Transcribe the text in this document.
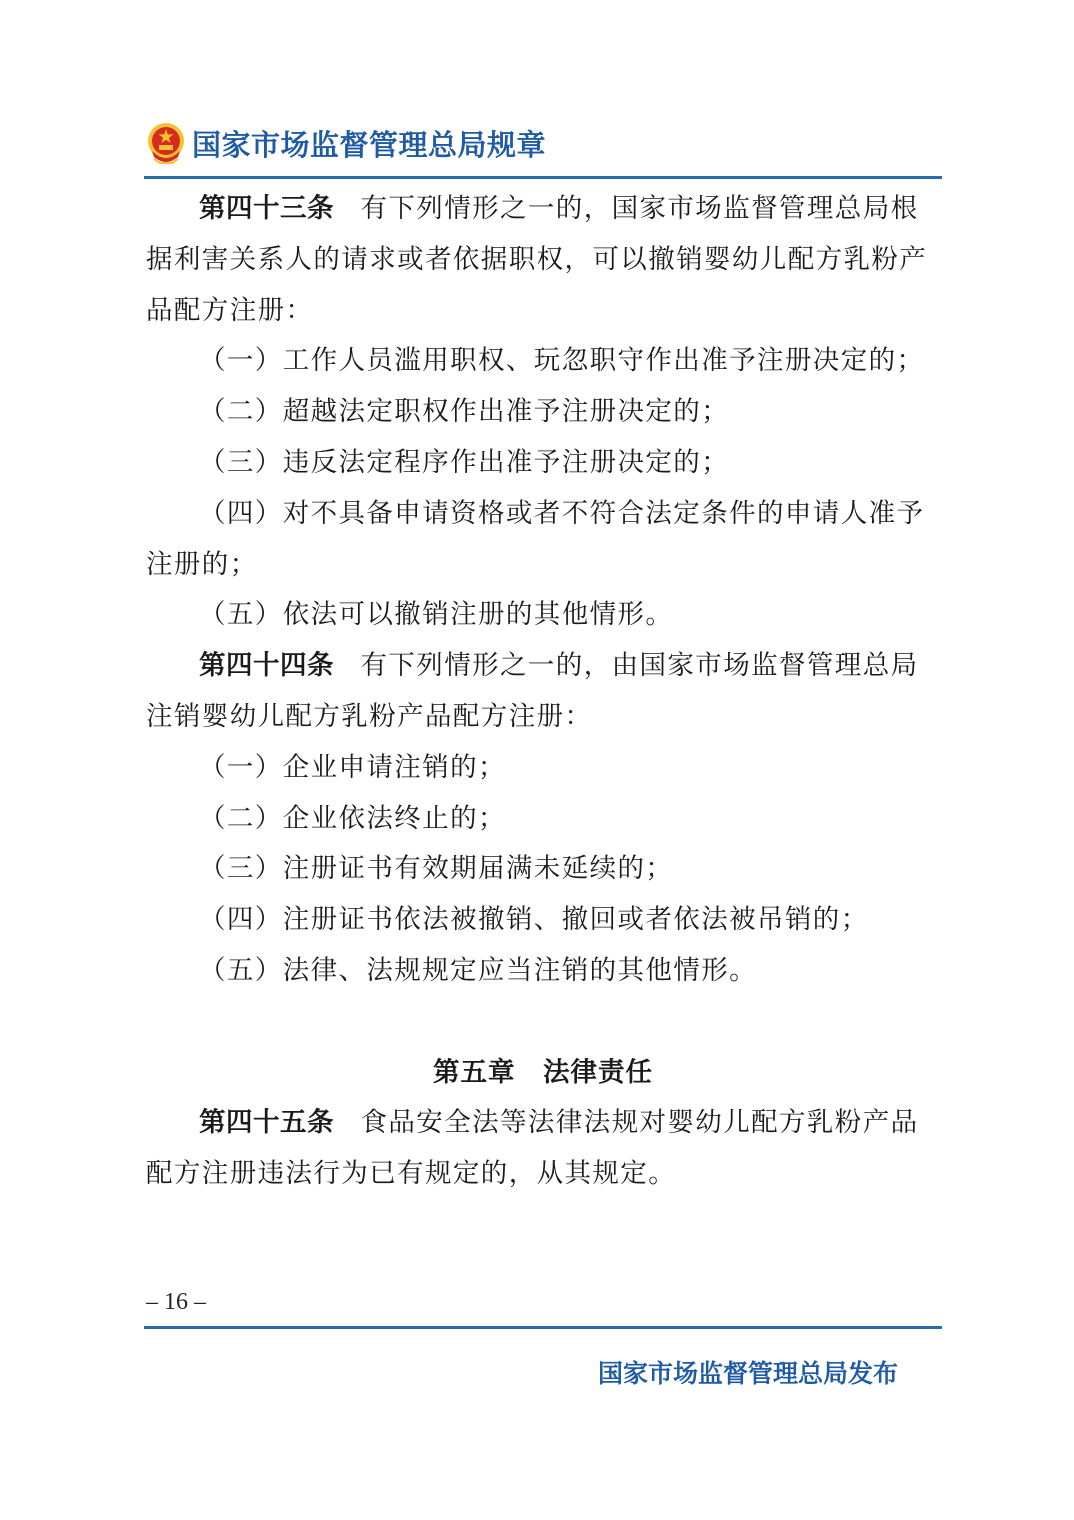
国家市场监督管理总局规章

第四十三条 有下列情形之一的，国家市场监督管理总局根据利害关系人的请求或者依据职权，可以撤销婴幼儿配方乳粉产品配方注册：

（一）工作人员滥用职权、玩忽职守作出准予注册决定的；

（二）超越法定职权作出准予注册决定的；

（三）违反法定程序作出准予注册决定的；

（四）对不具备申请资格或者不符合法定条件的申请人准予注册的；

（五）依法可以撤销注册的其他情形。

第四十四条 有下列情形之一的，由国家市场监督管理总局注销婴幼儿配方乳粉产品配方注册：

（一）企业申请注销的；

（二）企业依法终止的；

（三）注册证书有效期届满未延续的；

（四）注册证书依法被撤销、撤回或者依法被吊销的；

（五）法律、法规规定应当注销的其他情形。

第五章　法律责任

第四十五条 食品安全法等法律法规对婴幼儿配方乳粉产品配方注册违法行为已有规定的，从其规定。

– 16 –
国家市场监督管理总局发布
